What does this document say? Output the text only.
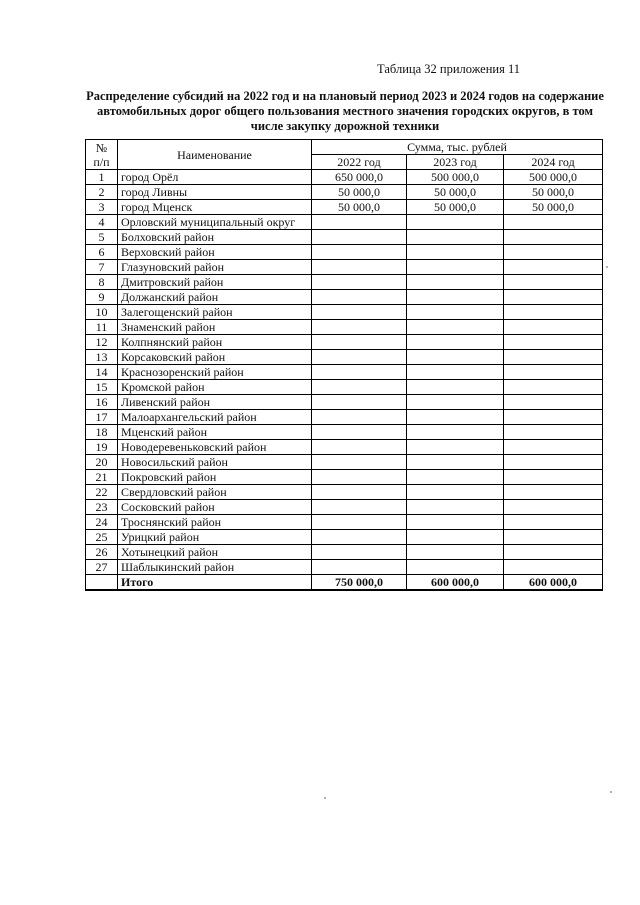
Таблица 32 приложения 11
Распределение субсидий на 2022 год и на плановый период 2023 и 2024 годов на содержание автомобильных дорог общего пользования местного значения городских округов, в том числе закупку дорожной техники
№
п/п	Наименование	Сумма, тыс. рублей		
		2022 год	2023 год	2024 год
1	город Орёл	650 000,0	500 000,0	500 000,0
2	город Ливны	50 000,0	50 000,0	50 000,0
3	город Мценск	50 000,0	50 000,0	50 000,0
4	Орловский муниципальный округ			
5	Болховский район			
6	Верховский район			
7	Глазуновский район			
8	Дмитровский район			
9	Должанский район			
10	Залегощенский район			
11	Знаменский район			
12	Колпнянский район			
13	Корсаковский район			
14	Краснозоренский район			
15	Кромской район			
16	Ливенский район			
17	Малоархангельский район			
18	Мценский район			
19	Новодеревеньковский район			
20	Новосильский район			
21	Покровский район			
22	Свердловский район			
23	Сосковский район			
24	Троснянский район			
25	Урицкий район			
26	Хотынецкий район			
27	Шаблыкинский район			
	Итого	750 000,0	600 000,0	600 000,0
